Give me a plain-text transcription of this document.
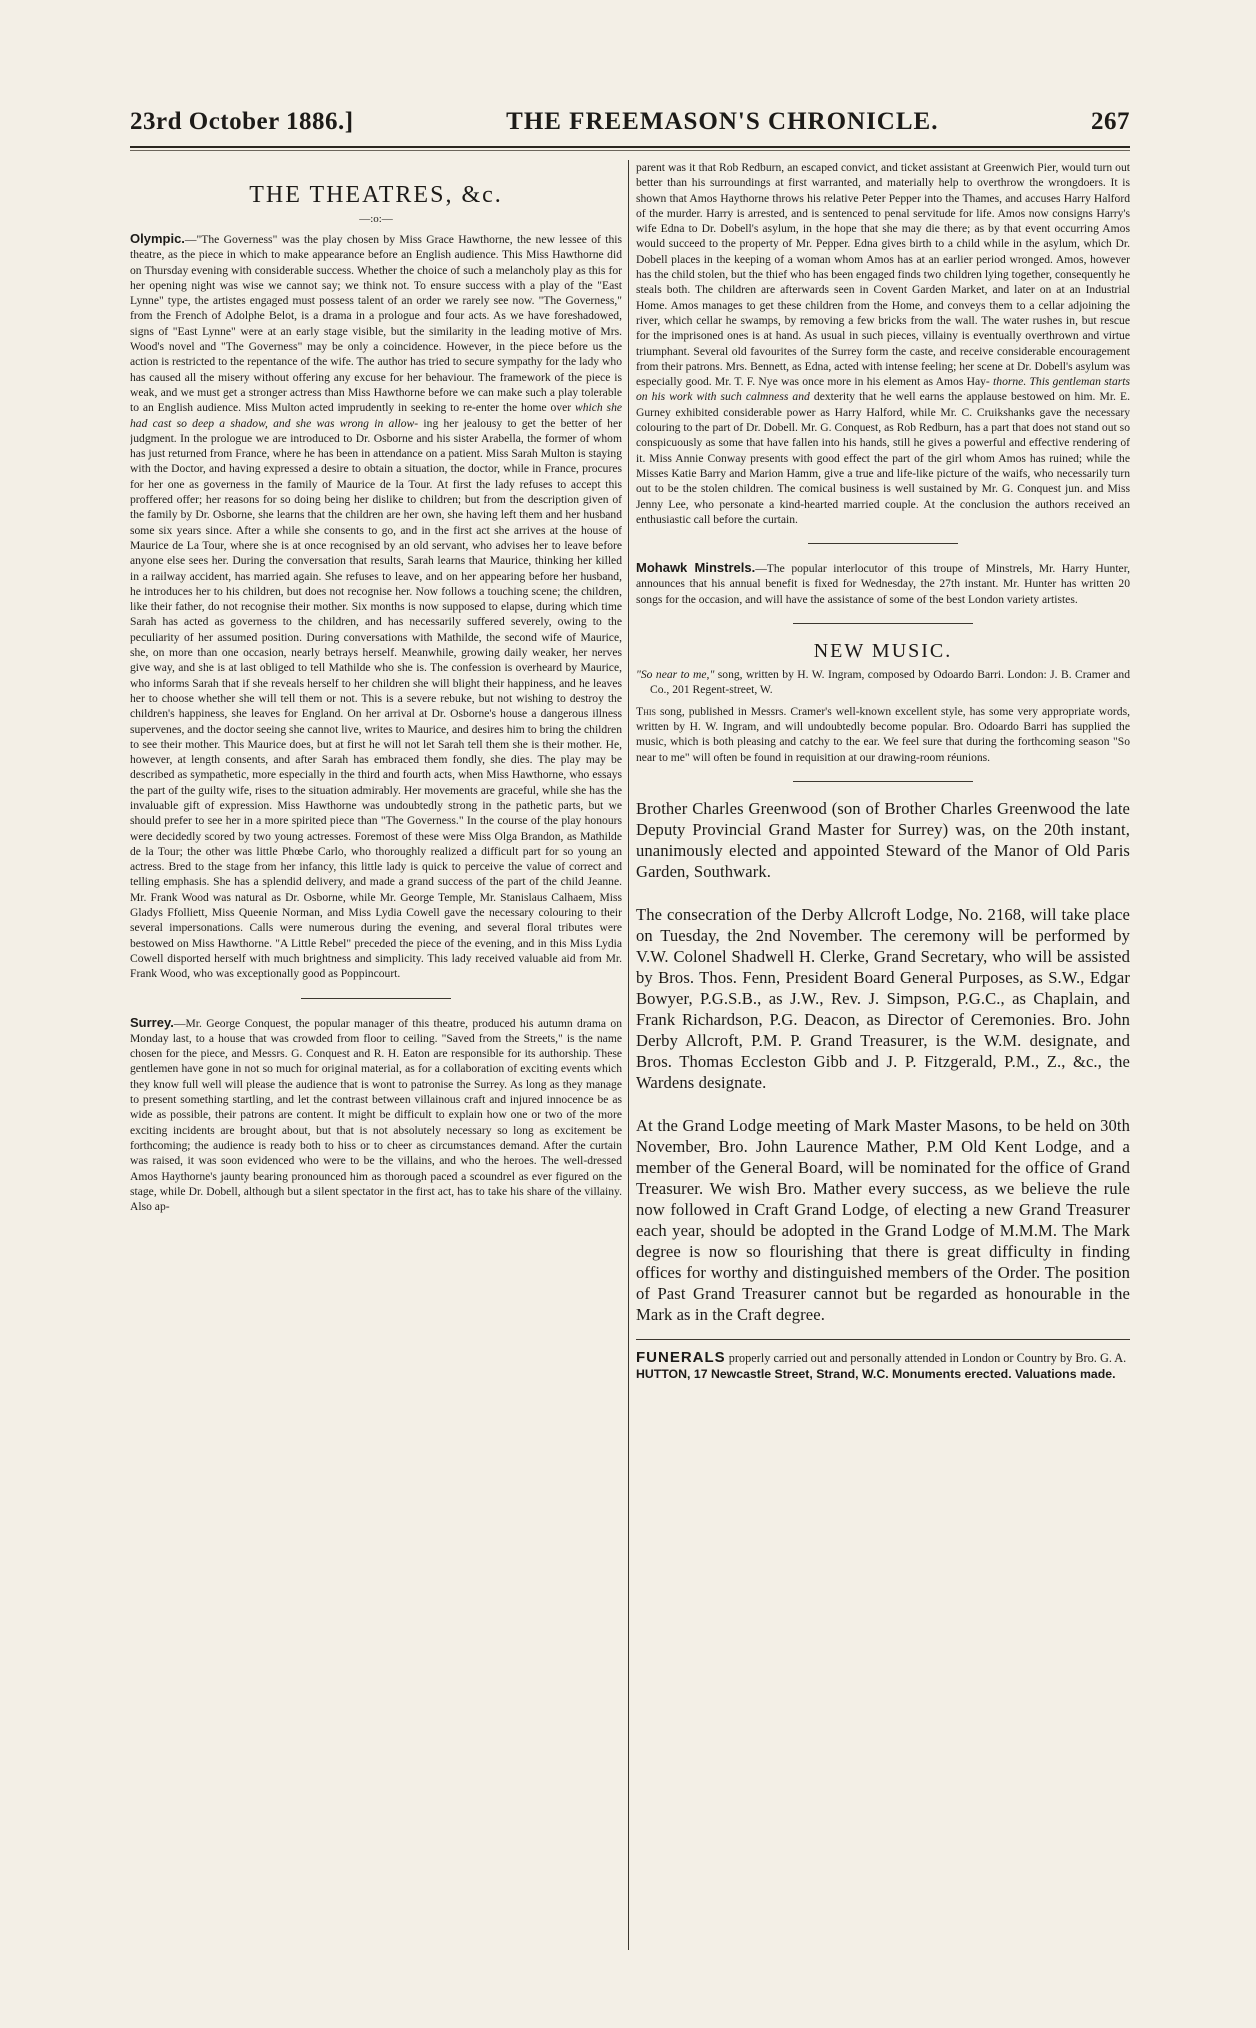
23rd October 1886.]	THE FREEMASON'S CHRONICLE.	267
THE THEATRES, &c.
—:o:—

Olympic.—"The Governess" was the play chosen by Miss Grace Hawthorne, the new lessee of this theatre, as the piece in which to make appearance before an English audience. This Miss Hawthorne did on Thursday evening with considerable success. Whether the choice of such a melancholy play as this for her opening night was wise we cannot say; we think not. To ensure success with a play of the "East Lynne" type, the artistes engaged must possess talent of an order we rarely see now. "The Governess," from the French of Adolphe Belot, is a drama in a prologue and four acts. As we have foreshadowed, signs of "East Lynne" were at an early stage visible, but the similarity in the leading motive of Mrs. Wood's novel and "The Governess" may be only a coincidence. However, in the piece before us the action is restricted to the repentance of the wife. The author has tried to secure sympathy for the lady who has caused all the misery without offering any excuse for her behaviour. The framework of the piece is weak, and we must get a stronger actress than Miss Hawthorne before we can make such a play tolerable to an English audience. Miss Multon acted imprudently in seeking to re-enter the home over which she had cast so deep a shadow, and she was wrong in allow- ing her jealousy to get the better of her judgment. In the prologue we are introduced to Dr. Osborne and his sister Arabella, the former of whom has just returned from France, where he has been in attendance on a patient. Miss Sarah Multon is staying with the Doctor, and having expressed a desire to obtain a situation, the doctor, while in France, procures for her one as governess in the family of Maurice de la Tour. At first the lady refuses to accept this proffered offer; her reasons for so doing being her dislike to children; but from the description given of the family by Dr. Osborne, she learns that the children are her own, she having left them and her husband some six years since. After a while she consents to go, and in the first act she arrives at the house of Maurice de La Tour, where she is at once recognised by an old servant, who advises her to leave before anyone else sees her. During the conversation that results, Sarah learns that Maurice, thinking her killed in a railway accident, has married again. She refuses to leave, and on her appearing before her husband, he introduces her to his children, but does not recognise her. Now follows a touching scene; the children, like their father, do not recognise their mother. Six months is now supposed to elapse, during which time Sarah has acted as governess to the children, and has necessarily suffered severely, owing to the peculiarity of her assumed position. During conversations with Mathilde, the second wife of Maurice, she, on more than one occasion, nearly betrays herself. Meanwhile, growing daily weaker, her nerves give way, and she is at last obliged to tell Mathilde who she is. The confession is overheard by Maurice, who informs Sarah that if she reveals herself to her children she will blight their happiness, and he leaves her to choose whether she will tell them or not. This is a severe rebuke, but not wishing to destroy the children's happiness, she leaves for England. On her arrival at Dr. Osborne's house a dangerous illness supervenes, and the doctor seeing she cannot live, writes to Maurice, and desires him to bring the children to see their mother. This Maurice does, but at first he will not let Sarah tell them she is their mother. He, however, at length consents, and after Sarah has embraced them fondly, she dies. The play may be described as sympathetic, more especially in the third and fourth acts, when Miss Hawthorne, who essays the part of the guilty wife, rises to the situation admirably. Her movements are graceful, while she has the invaluable gift of expression. Miss Hawthorne was undoubtedly strong in the pathetic parts, but we should prefer to see her in a more spirited piece than "The Governess." In the course of the play honours were decidedly scored by two young actresses. Foremost of these were Miss Olga Brandon, as Mathilde de la Tour; the other was little Phœbe Carlo, who thoroughly realized a difficult part for so young an actress. Bred to the stage from her infancy, this little lady is quick to perceive the value of correct and telling emphasis. She has a splendid delivery, and made a grand success of the part of the child Jeanne. Mr. Frank Wood was natural as Dr. Osborne, while Mr. George Temple, Mr. Stanislaus Calhaem, Miss Gladys Ffolliett, Miss Queenie Norman, and Miss Lydia Cowell gave the necessary colouring to their several impersonations. Calls were numerous during the evening, and several floral tributes were bestowed on Miss Hawthorne. "A Little Rebel" preceded the piece of the evening, and in this Miss Lydia Cowell disported herself with much brightness and simplicity. This lady received valuable aid from Mr. Frank Wood, who was exceptionally good as Poppincourt.

Surrey.—Mr. George Conquest, the popular manager of this theatre, produced his autumn drama on Monday last, to a house that was crowded from floor to ceiling. "Saved from the Streets," is the name chosen for the piece, and Messrs. G. Conquest and R. H. Eaton are responsible for its authorship. These gentlemen have gone in not so much for original material, as for a collaboration of exciting events which they know full well will please the audience that is wont to patronise the Surrey. As long as they manage to present something startling, and let the contrast between villainous craft and injured innocence be as wide as possible, their patrons are content. It might be difficult to explain how one or two of the more exciting incidents are brought about, but that is not absolutely necessary so long as excitement be forthcoming; the audience is ready both to hiss or to cheer as circumstances demand. After the curtain was raised, it was soon evidenced who were to be the villains, and who the heroes. The well-dressed Amos Haythorne's jaunty bearing pronounced him as thorough paced a scoundrel as ever figured on the stage, while Dr. Dobell, although but a silent spectator in the first act, has to take his share of the villainy. Also ap-

parent was it that Rob Redburn, an escaped convict, and ticket assistant at Greenwich Pier, would turn out better than his surroundings at first warranted, and materially help to overthrow the wrongdoers. It is shown that Amos Haythorne throws his relative Peter Pepper into the Thames, and accuses Harry Halford of the murder. Harry is arrested, and is sentenced to penal servitude for life. Amos now consigns Harry's wife Edna to Dr. Dobell's asylum, in the hope that she may die there; as by that event occurring Amos would succeed to the property of Mr. Pepper. Edna gives birth to a child while in the asylum, which Dr. Dobell places in the keeping of a woman whom Amos has at an earlier period wronged. Amos, however has the child stolen, but the thief who has been engaged finds two children lying together, consequently he steals both. The children are afterwards seen in Covent Garden Market, and later on at an Industrial Home. Amos manages to get these children from the Home, and conveys them to a cellar adjoining the river, which cellar he swamps, by removing a few bricks from the wall. The water rushes in, but rescue for the imprisoned ones is at hand. As usual in such pieces, villainy is eventually overthrown and virtue triumphant. Several old favourites of the Surrey form the caste, and receive considerable encouragement from their patrons. Mrs. Bennett, as Edna, acted with intense feeling; her scene at Dr. Dobell's asylum was especially good. Mr. T. F. Nye was once more in his element as Amos Hay- thorne. This gentleman starts on his work with such calmness and dexterity that he well earns the applause bestowed on him. Mr. E. Gurney exhibited considerable power as Harry Halford, while Mr. C. Cruikshanks gave the necessary colouring to the part of Dr. Dobell. Mr. G. Conquest, as Rob Redburn, has a part that does not stand out so conspicuously as some that have fallen into his hands, still he gives a powerful and effective rendering of it. Miss Annie Conway presents with good effect the part of the girl whom Amos has ruined; while the Misses Katie Barry and Marion Hamm, give a true and life-like picture of the waifs, who necessarily turn out to be the stolen children. The comical business is well sustained by Mr. G. Conquest jun. and Miss Jenny Lee, who personate a kind-hearted married couple. At the conclusion the authors received an enthusiastic call before the curtain.

Mohawk Minstrels.—The popular interlocutor of this troupe of Minstrels, Mr. Harry Hunter, announces that his annual benefit is fixed for Wednesday, the 27th instant. Mr. Hunter has written 20 songs for the occasion, and will have the assistance of some of the best London variety artistes.

NEW MUSIC.

"So near to me," song, written by H. W. Ingram, composed by Odoardo Barri. London: J. B. Cramer and Co., 201 Regent-street, W.

This song, published in Messrs. Cramer's well-known excellent style, has some very appropriate words, written by H. W. Ingram, and will undoubtedly become popular. Bro. Odoardo Barri has supplied the music, which is both pleasing and catchy to the ear. We feel sure that during the forthcoming season "So near to me" will often be found in requisition at our drawing-room réunions.

Brother Charles Greenwood (son of Brother Charles Greenwood the late Deputy Provincial Grand Master for Surrey) was, on the 20th instant, unanimously elected and appointed Steward of the Manor of Old Paris Garden, Southwark.

The consecration of the Derby Allcroft Lodge, No. 2168, will take place on Tuesday, the 2nd November. The ceremony will be performed by V.W. Colonel Shadwell H. Clerke, Grand Secretary, who will be assisted by Bros. Thos. Fenn, President Board General Purposes, as S.W., Edgar Bowyer, P.G.S.B., as J.W., Rev. J. Simpson, P.G.C., as Chaplain, and Frank Richardson, P.G. Deacon, as Director of Ceremonies. Bro. John Derby Allcroft, P.M. P. Grand Treasurer, is the W.M. designate, and Bros. Thomas Eccleston Gibb and J. P. Fitzgerald, P.M., Z., &c., the Wardens designate.

At the Grand Lodge meeting of Mark Master Masons, to be held on 30th November, Bro. John Laurence Mather, P.M Old Kent Lodge, and a member of the General Board, will be nominated for the office of Grand Treasurer. We wish Bro. Mather every success, as we believe the rule now followed in Craft Grand Lodge, of electing a new Grand Treasurer each year, should be adopted in the Grand Lodge of M.M.M. The Mark degree is now so flourishing that there is great difficulty in finding offices for worthy and distinguished members of the Order. The position of Past Grand Treasurer cannot but be regarded as honourable in the Mark as in the Craft degree.

FUNERALS properly carried out and personally attended in London or Country by Bro. G. A. HUTTON, 17 Newcastle Street, Strand, W.C. Monuments erected. Valuations made.
